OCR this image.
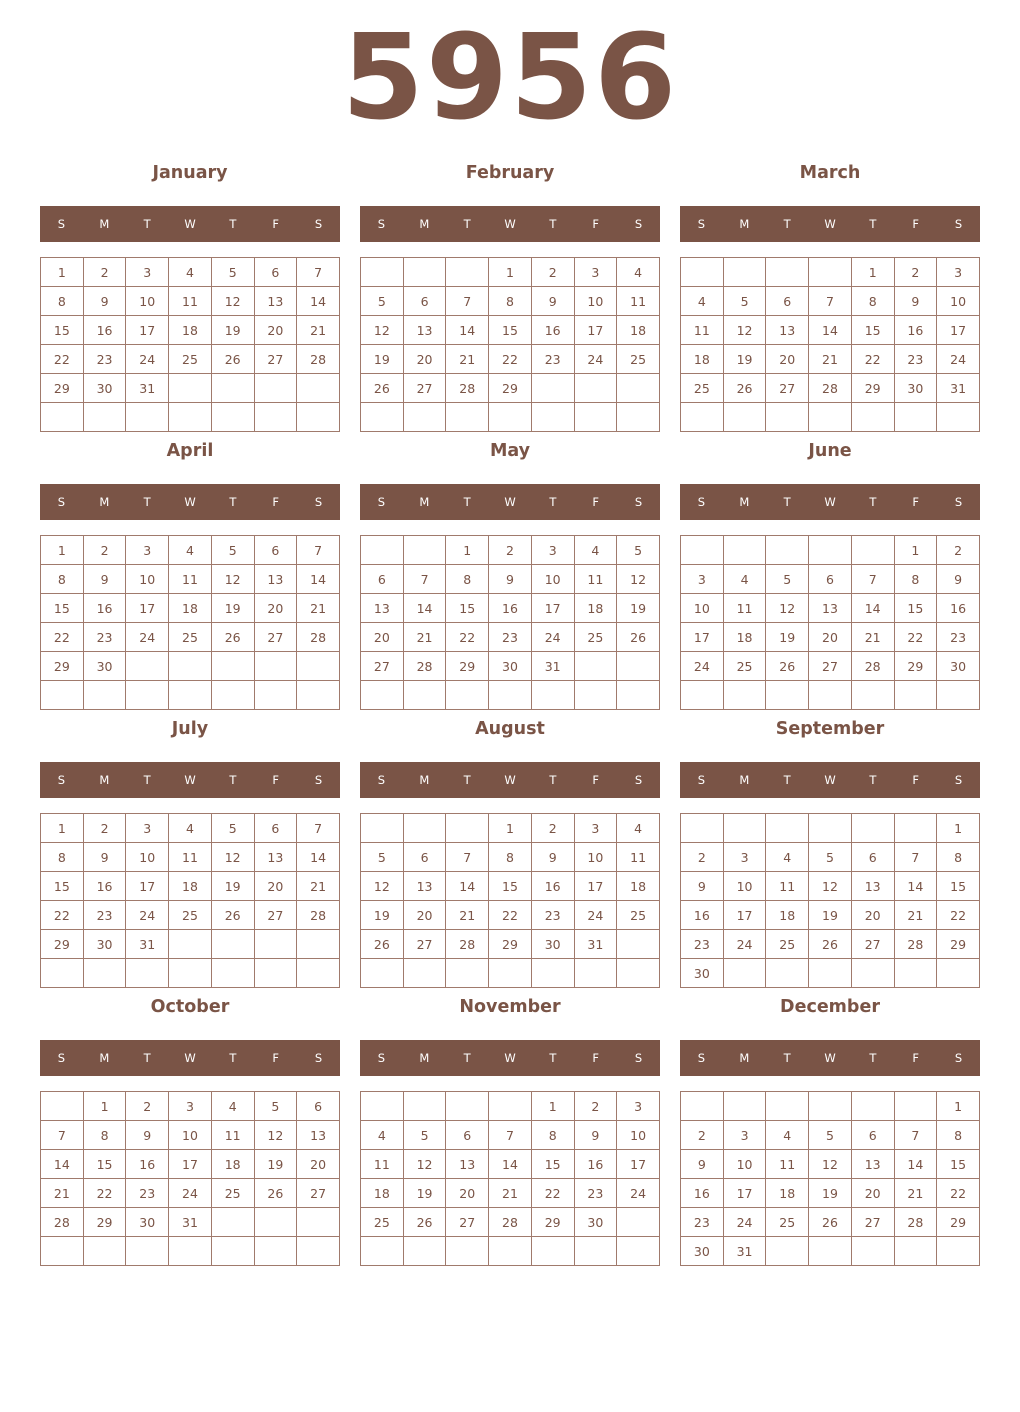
5956
January
S	M	T	W	T	F	S
1	2	3	4	5	6	7
8	9	10	11	12	13	14
15	16	17	18	19	20	21
22	23	24	25	26	27	28
29	30	31				

February
S	M	T	W	T	F	S
			1	2	3	4
5	6	7	8	9	10	11
12	13	14	15	16	17	18
19	20	21	22	23	24	25
26	27	28	29			

March
S	M	T	W	T	F	S
				1	2	3
4	5	6	7	8	9	10
11	12	13	14	15	16	17
18	19	20	21	22	23	24
25	26	27	28	29	30	31

April
S	M	T	W	T	F	S
1	2	3	4	5	6	7
8	9	10	11	12	13	14
15	16	17	18	19	20	21
22	23	24	25	26	27	28
29	30					

May
S	M	T	W	T	F	S
		1	2	3	4	5
6	7	8	9	10	11	12
13	14	15	16	17	18	19
20	21	22	23	24	25	26
27	28	29	30	31		

June
S	M	T	W	T	F	S
					1	2
3	4	5	6	7	8	9
10	11	12	13	14	15	16
17	18	19	20	21	22	23
24	25	26	27	28	29	30

July
S	M	T	W	T	F	S
1	2	3	4	5	6	7
8	9	10	11	12	13	14
15	16	17	18	19	20	21
22	23	24	25	26	27	28
29	30	31				

August
S	M	T	W	T	F	S
			1	2	3	4
5	6	7	8	9	10	11
12	13	14	15	16	17	18
19	20	21	22	23	24	25
26	27	28	29	30	31	

September
S	M	T	W	T	F	S
						1
2	3	4	5	6	7	8
9	10	11	12	13	14	15
16	17	18	19	20	21	22
23	24	25	26	27	28	29
30						
October
S	M	T	W	T	F	S
	1	2	3	4	5	6
7	8	9	10	11	12	13
14	15	16	17	18	19	20
21	22	23	24	25	26	27
28	29	30	31			

November
S	M	T	W	T	F	S
				1	2	3
4	5	6	7	8	9	10
11	12	13	14	15	16	17
18	19	20	21	22	23	24
25	26	27	28	29	30	

December
S	M	T	W	T	F	S
						1
2	3	4	5	6	7	8
9	10	11	12	13	14	15
16	17	18	19	20	21	22
23	24	25	26	27	28	29
30	31					
